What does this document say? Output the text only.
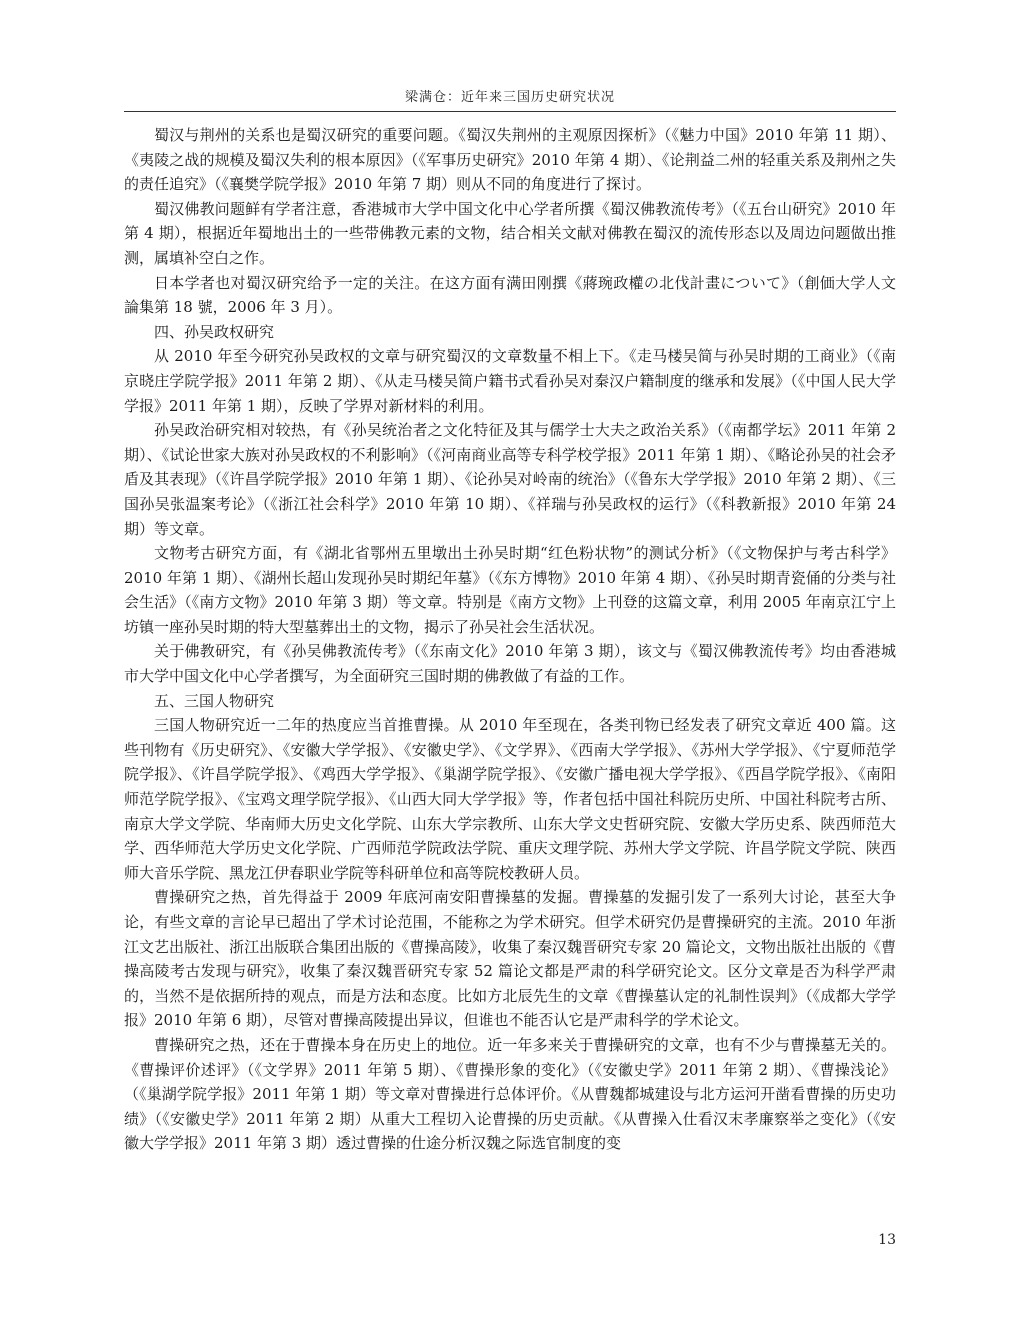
梁满仓：近年来三国历史研究状况

蜀汉与荆州的关系也是蜀汉研究的重要问题。《蜀汉失荆州的主观原因探析》（《魅力中国》2010 年第 11 期）、《夷陵之战的规模及蜀汉失利的根本原因》（《军事历史研究》2010 年第 4 期）、《论荆益二州的轻重关系及荆州之失的责任追究》（《襄樊学院学报》2010 年第 7 期）则从不同的角度进行了探讨。

蜀汉佛教问题鲜有学者注意，香港城市大学中国文化中心学者所撰《蜀汉佛教流传考》（《五台山研究》2010 年第 4 期），根据近年蜀地出土的一些带佛教元素的文物，结合相关文献对佛教在蜀汉的流传形态以及周边问题做出推测，属填补空白之作。

日本学者也对蜀汉研究给予一定的关注。在这方面有满田刚撰《蔣琬政權の北伐計畫について》（創価大学人文論集第 18 號，2006 年 3 月）。

四、孙吴政权研究

从 2010 年至今研究孙吴政权的文章与研究蜀汉的文章数量不相上下。《走马楼吴简与孙吴时期的工商业》（《南京晓庄学院学报》2011 年第 2 期）、《从走马楼吴简户籍书式看孙吴对秦汉户籍制度的继承和发展》（《中国人民大学学报》2011 年第 1 期），反映了学界对新材料的利用。

孙吴政治研究相对较热，有《孙吴统治者之文化特征及其与儒学士大夫之政治关系》（《南都学坛》2011 年第 2 期）、《试论世家大族对孙吴政权的不利影响》（《河南商业高等专科学校学报》2011 年第 1 期）、《略论孙吴的社会矛盾及其表现》（《许昌学院学报》2010 年第 1 期）、《论孙吴对岭南的统治》（《鲁东大学学报》2010 年第 2 期）、《三国孙吴张温案考论》（《浙江社会科学》2010 年第 10 期）、《祥瑞与孙吴政权的运行》（《科教新报》2010 年第 24 期）等文章。

文物考古研究方面，有《湖北省鄂州五里墩出土孙吴时期“红色粉状物”的测试分析》（《文物保护与考古科学》2010 年第 1 期）、《湖州长超山发现孙吴时期纪年墓》（《东方博物》2010 年第 4 期）、《孙吴时期青瓷俑的分类与社会生活》（《南方文物》2010 年第 3 期）等文章。特别是《南方文物》上刊登的这篇文章，利用 2005 年南京江宁上坊镇一座孙吴时期的特大型墓葬出土的文物，揭示了孙吴社会生活状况。

关于佛教研究，有《孙吴佛教流传考》（《东南文化》2010 年第 3 期），该文与《蜀汉佛教流传考》均由香港城市大学中国文化中心学者撰写，为全面研究三国时期的佛教做了有益的工作。

五、三国人物研究

三国人物研究近一二年的热度应当首推曹操。从 2010 年至现在，各类刊物已经发表了研究文章近 400 篇。这些刊物有《历史研究》、《安徽大学学报》、《安徽史学》、《文学界》、《西南大学学报》、《苏州大学学报》、《宁夏师范学院学报》、《许昌学院学报》、《鸡西大学学报》、《巢湖学院学报》、《安徽广播电视大学学报》、《西昌学院学报》、《南阳师范学院学报》、《宝鸡文理学院学报》、《山西大同大学学报》等，作者包括中国社科院历史所、中国社科院考古所、南京大学文学院、华南师大历史文化学院、山东大学宗教所、山东大学文史哲研究院、安徽大学历史系、陕西师范大学、西华师范大学历史文化学院、广西师范学院政法学院、重庆文理学院、苏州大学文学院、许昌学院文学院、陕西师大音乐学院、黑龙江伊春职业学院等科研单位和高等院校教研人员。

曹操研究之热，首先得益于 2009 年底河南安阳曹操墓的发掘。曹操墓的发掘引发了一系列大讨论，甚至大争论，有些文章的言论早已超出了学术讨论范围，不能称之为学术研究。但学术研究仍是曹操研究的主流。2010 年浙江文艺出版社、浙江出版联合集团出版的《曹操高陵》，收集了秦汉魏晋研究专家 20 篇论文，文物出版社出版的《曹操高陵考古发现与研究》，收集了秦汉魏晋研究专家 52 篇论文都是严肃的科学研究论文。区分文章是否为科学严肃的，当然不是依据所持的观点，而是方法和态度。比如方北辰先生的文章《曹操墓认定的礼制性误判》（《成都大学学报》2010 年第 6 期），尽管对曹操高陵提出异议，但谁也不能否认它是严肃科学的学术论文。

曹操研究之热，还在于曹操本身在历史上的地位。近一年多来关于曹操研究的文章，也有不少与曹操墓无关的。《曹操评价述评》（《文学界》2011 年第 5 期）、《曹操形象的变化》（《安徽史学》2011 年第 2 期）、《曹操浅论》（《巢湖学院学报》2011 年第 1 期）等文章对曹操进行总体评价。《从曹魏都城建设与北方运河开凿看曹操的历史功绩》（《安徽史学》2011 年第 2 期）从重大工程切入论曹操的历史贡献。《从曹操入仕看汉末孝廉察举之变化》（《安徽大学学报》2011 年第 3 期）透过曹操的仕途分析汉魏之际选官制度的变

13
